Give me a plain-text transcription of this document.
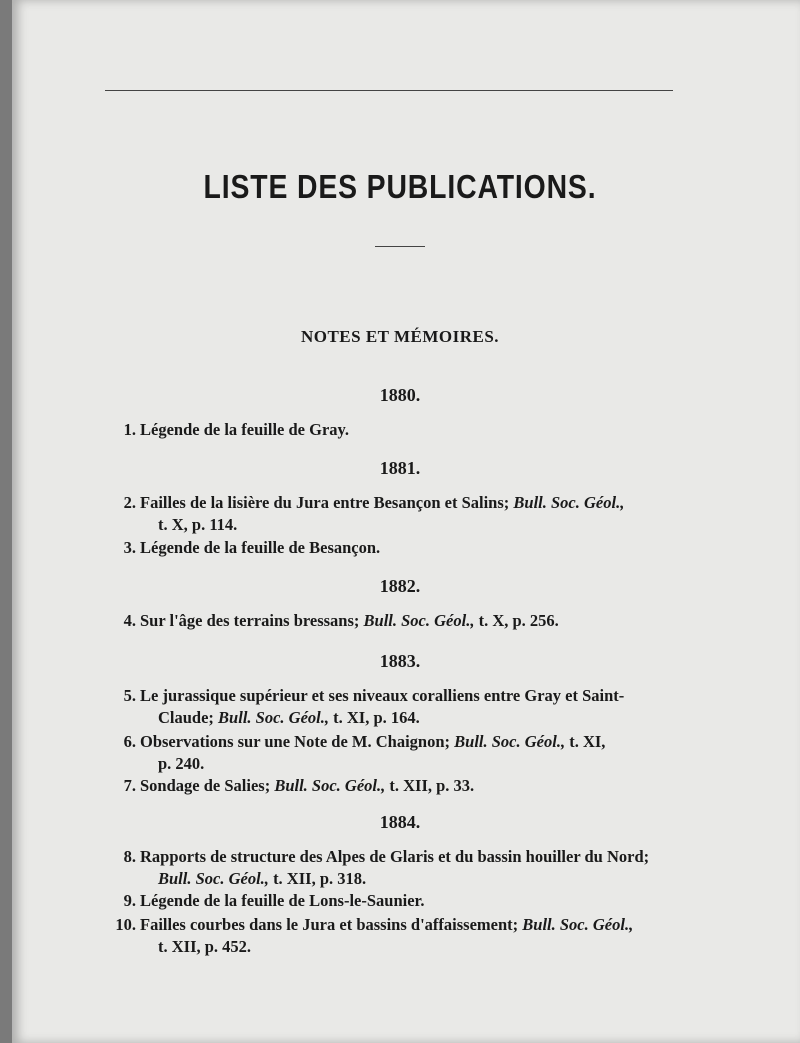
LISTE DES PUBLICATIONS.
NOTES ET MÉMOIRES.
1880.
1. Légende de la feuille de Gray.
1881.
2. Failles de la lisière du Jura entre Besançon et Salins; Bull. Soc. Géol.,
t. X, p. 114.
3. Légende de la feuille de Besançon.
1882.
4. Sur l'âge des terrains bressans; Bull. Soc. Géol., t. X, p. 256.
1883.
5. Le jurassique supérieur et ses niveaux coralliens entre Gray et Saint-
Claude; Bull. Soc. Géol., t. XI, p. 164.
6. Observations sur une Note de M. Chaignon; Bull. Soc. Géol., t. XI,
p. 240.
7. Sondage de Salies; Bull. Soc. Géol., t. XII, p. 33.
1884.
8. Rapports de structure des Alpes de Glaris et du bassin houiller du Nord;
Bull. Soc. Géol., t. XII, p. 318.
9. Légende de la feuille de Lons-le-Saunier.
10. Failles courbes dans le Jura et bassins d'affaissement; Bull. Soc. Géol.,
t. XII, p. 452.
